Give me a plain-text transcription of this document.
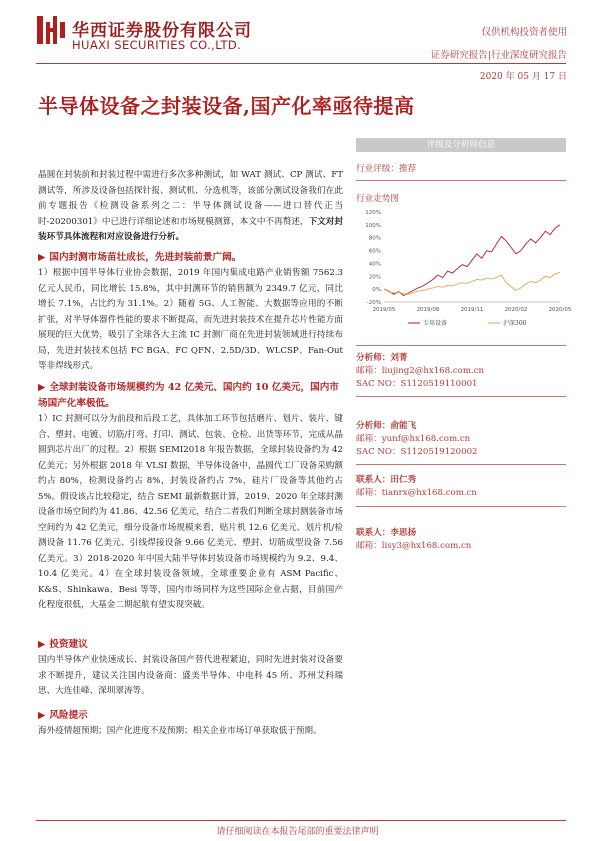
华西证券股份有限公司
HUAXI SECURITIES CO.,LTD.
仅供机构投资者使用
证券研究报告|行业深度研究报告
2020 年 05 月 17 日
半导体设备之封装设备,国产化率亟待提高

晶圆在封装前和封装过程中需进行多次多种测试，如 WAT 测试、CP 测试、FT 测试等，所涉及设备包括探针报、测试机、分选机等，该部分测试设备我们在此前专题报告《检测设备系列之二：半导体测试设备——进口替代正当时-20200301》中已进行详细论述和市场规模测算，本文中不再赘述，下文对封装环节具体流程和对应设备进行分析。

▶ 国内封测市场苗壮成长，先进封装前景广阔。

1）根据中国半导体行业协会数据，2019 年国内集成电路产业销售额 7562.3 亿元人民币，同比增长 15.8%，其中封测环节的销售额为 2349.7 亿元，同比增长 7.1%，占比约为 31.1%。2）随着 5G、人工智能、大数据等应用的不断扩张，对半导体器件性能的要求不断提高，而先进封装技术在提升芯片性能方面展现的巨大优势，吸引了全球各大主流 IC 封测厂商在先进封装领域进行持续布局，先进封装技术包括 FC BGA、FC QFN、2.5D/3D、WLCSP、Fan-Out 等非焊线形式。

▶ 全球封装设备市场规模约为 42 亿美元、国内约 10 亿美元，国内市场国产化率极低。

1）IC 封测可以分为前段和后段工艺，具体加工环节包括磨片、划片、装片、键合、塑封、电镀、切筋/打弯、打印、测试、包装、仓检、出货等环节，完成从晶圆到芯片出厂的过程。2）根据 SEMI2018 年报告数据，全球封装设备约为 42 亿美元；另外根据 2018 年 VLSI 数据，半导体设备中，晶圆代工厂设备采购额约占 80%，检测设备约占 8%，封装设备约占 7%，硅片厂设备等其他约占 5%。假设该占比较稳定，结合 SEMI 最新数据计算，2019、2020 年全球封测设备市场空间约为 41.86、42.56 亿美元，结合二者我们判断全球封测装备市场空间约为 42 亿美元，细分设备市场规模来看，贴片机 12.6 亿美元、划片机/检测设备 11.76 亿美元、引线焊接设备 9.66 亿美元、塑封、切筋成型设备 7.56 亿美元。3）2018-2020 年中国大陆半导体封装设备市场规模约为 9.2、9.4、10.4 亿美元。4）在全球封装设备领域，全球重要企业有 ASM Pacific、K&S、Shinkawa、Besi 等等，国内市场同样为这些国际企业占据，目前国产化程度很低，大基金二期起航有望实现突破。

▶ 投资建议

国内半导体产业快速成长、封装设备国产替代进程紧迫，同时先进封装对设备要求不断提升，建议关注国内设备商：盛美半导体、中电科 45 所、苏州艾科瑞思、大连佳峰、深圳翠涛等。

▶ 风险提示

海外疫情超预期；国产化进度不及预期；相关企业市场订单获取低于预期。

评级及分析师信息
行业评级：推荐
行业走势图
120%
100%
80%
60%
40%
20%
0%
-20%
2019/05	2019/08	2019/11	2020/02	2020/05
专用设备	沪深300
分析师：刘菁
邮箱：liujing2@hx168.com.cn
SAC NO：S1120519110001
分析师：俞能飞
邮箱：yunf@hx168.com.cn
SAC NO：S1120519120002
联系人：田仁秀
邮箱：tianrx@hx168.com.cn
联系人：李思扬
邮箱：lisy3@hx168.com.cn
请仔细阅读在本报告尾部的重要法律声明
